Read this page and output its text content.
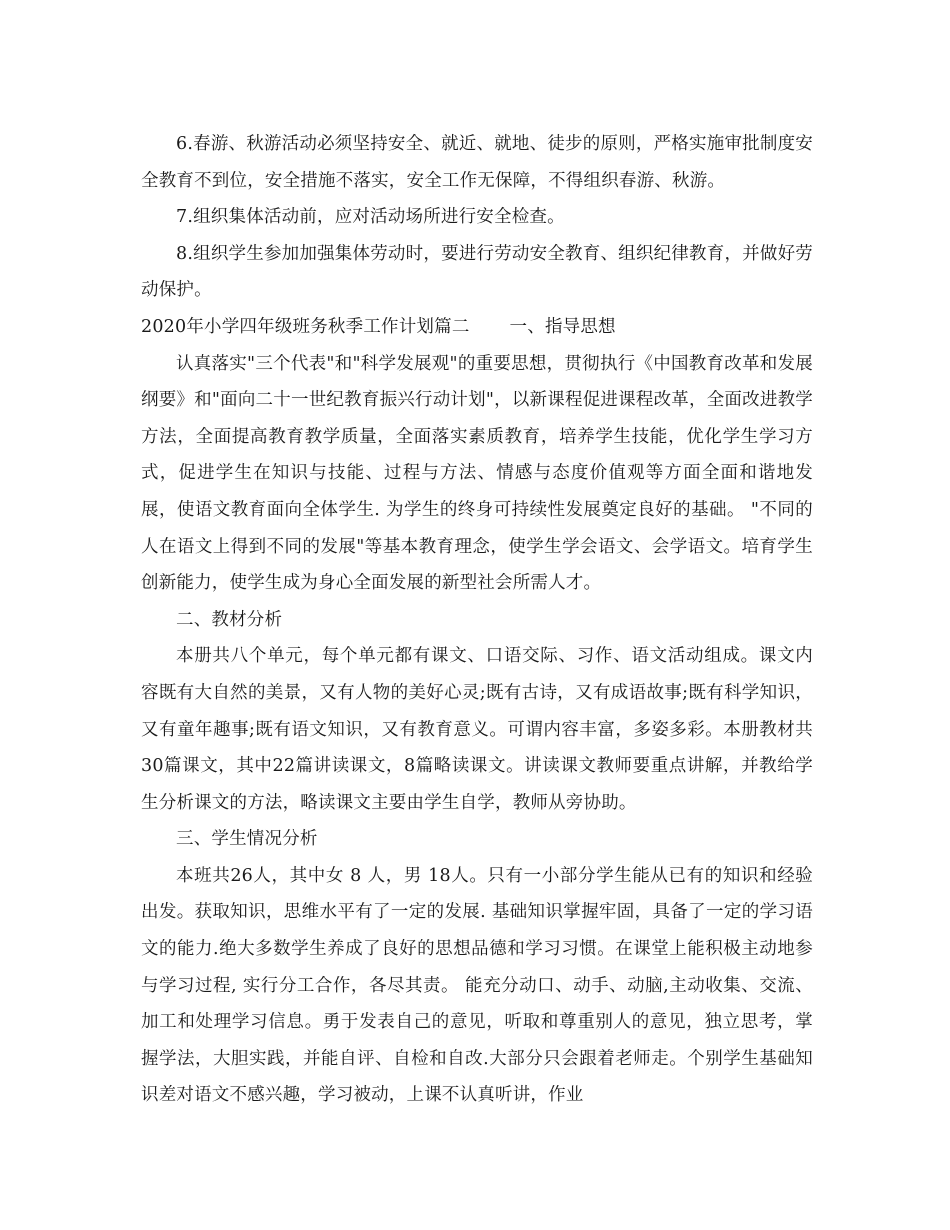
6.春游、秋游活动必须坚持安全、就近、就地、徒步的原则，严格实施审批制度安全教育不到位，安全措施不落实，安全工作无保障，不得组织春游、秋游。

7.组织集体活动前，应对活动场所进行安全检查。

8.组织学生参加加强集体劳动时，要进行劳动安全教育、组织纪律教育，并做好劳动保护。

2020年小学四年级班务秋季工作计划篇二 一、指导思想

认真落实"三个代表"和"科学发展观"的重要思想，贯彻执行《中国教育改革和发展纲要》和"面向二十一世纪教育振兴行动计划"，以新课程促进课程改革，全面改进教学方法，全面提高教育教学质量，全面落实素质教育，培养学生技能，优化学生学习方式，促进学生在知识与技能、过程与方法、情感与态度价值观等方面全面和谐地发展，使语文教育面向全体学生. 为学生的终身可持续性发展奠定良好的基础。 "不同的人在语文上得到不同的发展"等基本教育理念，使学生学会语文、会学语文。培育学生创新能力，使学生成为身心全面发展的新型社会所需人才。

二、教材分析

本册共八个单元，每个单元都有课文、口语交际、习作、语文活动组成。课文内容既有大自然的美景，又有人物的美好心灵;既有古诗，又有成语故事;既有科学知识，又有童年趣事;既有语文知识，又有教育意义。可谓内容丰富，多姿多彩。本册教材共30篇课文，其中22篇讲读课文，8篇略读课文。讲读课文教师要重点讲解，并教给学生分析课文的方法，略读课文主要由学生自学，教师从旁协助。

三、学生情况分析

本班共26人，其中女 8 人，男 18人。只有一小部分学生能从已有的知识和经验出发。获取知识，思维水平有了一定的发展. 基础知识掌握牢固，具备了一定的学习语文的能力.绝大多数学生养成了良好的思想品德和学习习惯。在课堂上能积极主动地参与学习过程, 实行分工合作，各尽其责。 能充分动口、动手、动脑,主动收集、交流、加工和处理学习信息。勇于发表自己的意见，听取和尊重别人的意见，独立思考，掌握学法，大胆实践，并能自评、自检和自改.大部分只会跟着老师走。个别学生基础知识差对语文不感兴趣，学习被动，上课不认真听讲，作业
